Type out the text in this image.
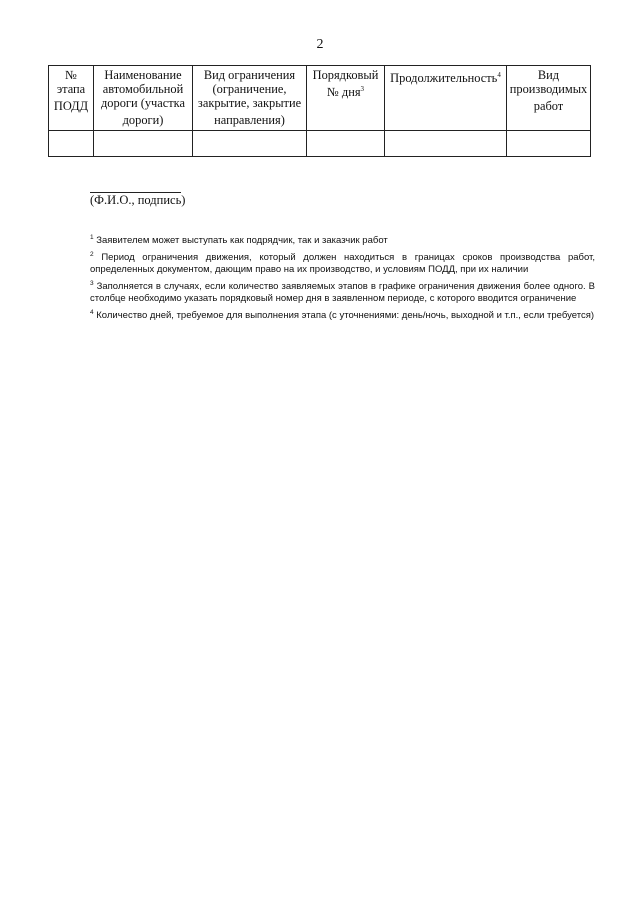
2
№ этапа ПОДД	Наименование автомобильной дороги (участка дороги)	Вид ограничения (ограничение, закрытие, закрытие направления)	Порядковый № дня$^3$	Продолжительность$^4$	Вид производимых работ

(Ф.И.О., подпись)
$^1$ Заявителем может выступать как подрядчик, так и заказчик работ
$^2$ Период ограничения движения, который должен находиться в границах сроков производства работ, определенных документом, дающим право на их производство, и условиям ПОДД, при их наличии
$^3$ Заполняется в случаях, если количество заявляемых этапов в графике ограничения движения более одного. В столбце необходимо указать порядковый номер дня в заявленном периоде, с которого вводится ограничение
$^4$ Количество дней, требуемое для выполнения этапа (с уточнениями: день/ночь, выходной и т.п., если требуется)
